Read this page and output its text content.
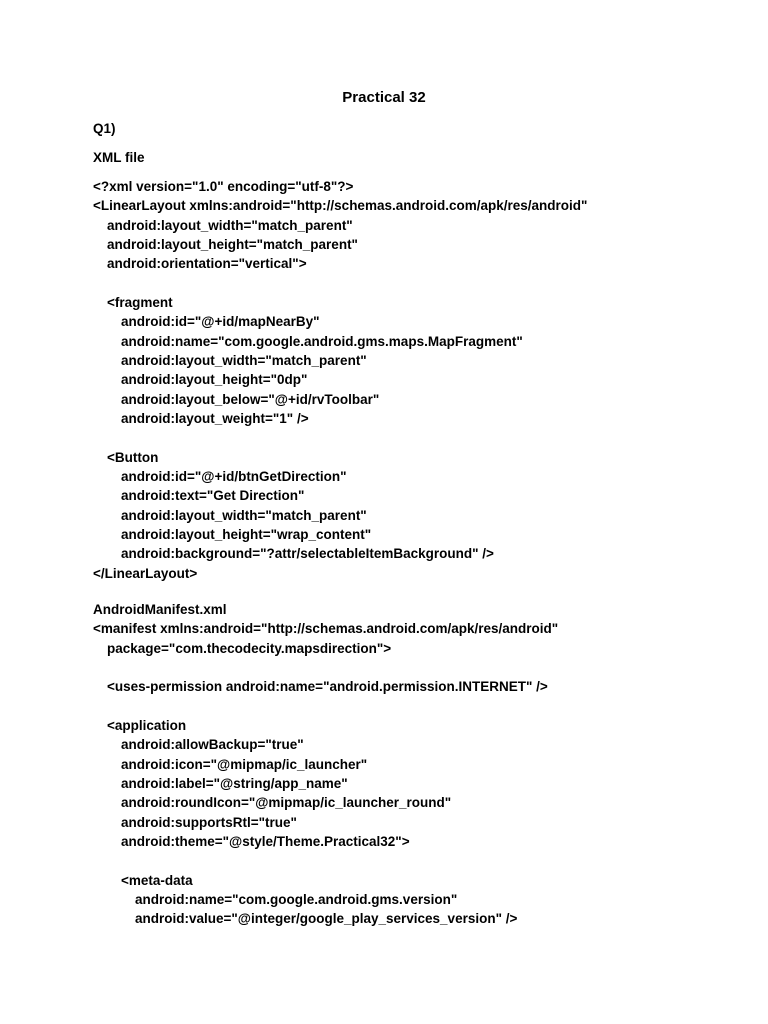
Practical 32
Q1)
XML file
<?xml version="1.0" encoding="utf-8"?>
<LinearLayout xmlns:android="http://schemas.android.com/apk/res/android"
android:layout_width="match_parent"
android:layout_height="match_parent"
android:orientation="vertical">
<fragment
android:id="@+id/mapNearBy"
android:name="com.google.android.gms.maps.MapFragment"
android:layout_width="match_parent"
android:layout_height="0dp"
android:layout_below="@+id/rvToolbar"
android:layout_weight="1" />
<Button
android:id="@+id/btnGetDirection"
android:text="Get Direction"
android:layout_width="match_parent"
android:layout_height="wrap_content"
android:background="?attr/selectableItemBackground" />
</LinearLayout>
AndroidManifest.xml
<manifest xmlns:android="http://schemas.android.com/apk/res/android"
package="com.thecodecity.mapsdirection">
<uses-permission android:name="android.permission.INTERNET" />
<application
android:allowBackup="true"
android:icon="@mipmap/ic_launcher"
android:label="@string/app_name"
android:roundIcon="@mipmap/ic_launcher_round"
android:supportsRtl="true"
android:theme="@style/Theme.Practical32">
<meta-data
android:name="com.google.android.gms.version"
android:value="@integer/google_play_services_version" />
